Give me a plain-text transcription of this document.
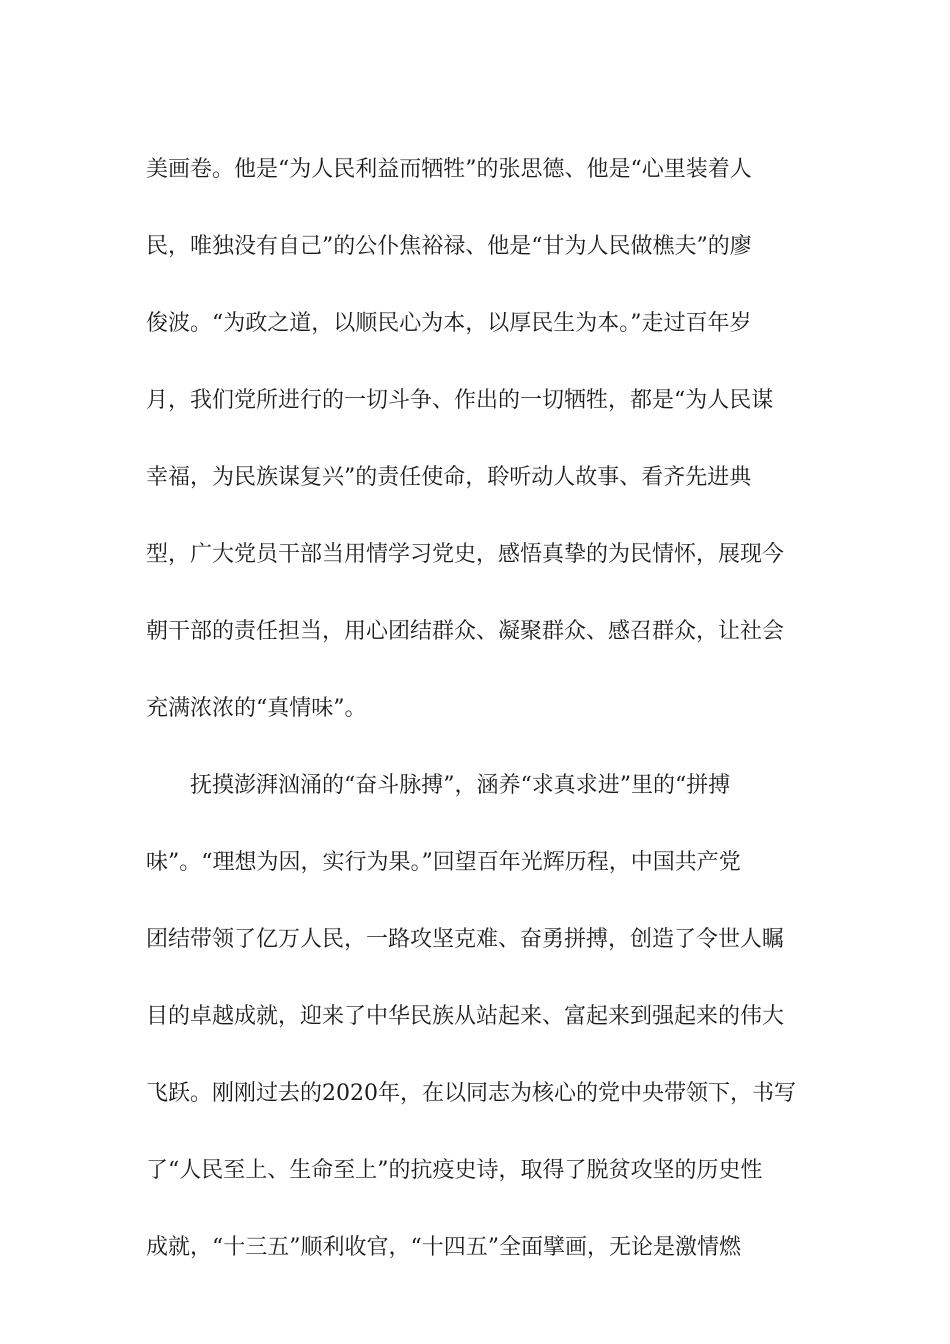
美画卷。他是“为人民利益而牺牲”的张思德、他是“心里装着人
民，唯独没有自己”的公仆焦裕禄、他是“甘为人民做樵夫”的廖
俊波。“为政之道，以顺民心为本，以厚民生为本。”走过百年岁
月，我们党所进行的一切斗争、作出的一切牺牲，都是“为人民谋
幸福，为民族谋复兴”的责任使命，聆听动人故事、看齐先进典
型，广大党员干部当用情学习党史，感悟真挚的为民情怀，展现今
朝干部的责任担当，用心团结群众、凝聚群众、感召群众，让社会
充满浓浓的“真情味”。
抚摸澎湃汹涌的“奋斗脉搏”，涵养“求真求进”里的“拼搏
味”。“理想为因，实行为果。”回望百年光辉历程，中国共产党
团结带领了亿万人民，一路攻坚克难、奋勇拼搏，创造了令世人瞩
目的卓越成就，迎来了中华民族从站起来、富起来到强起来的伟大
飞跃。刚刚过去的2020年，在以同志为核心的党中央带领下，书写
了“人民至上、生命至上”的抗疫史诗，取得了脱贫攻坚的历史性
成就，“十三五”顺利收官，“十四五”全面擘画，无论是激情燃
